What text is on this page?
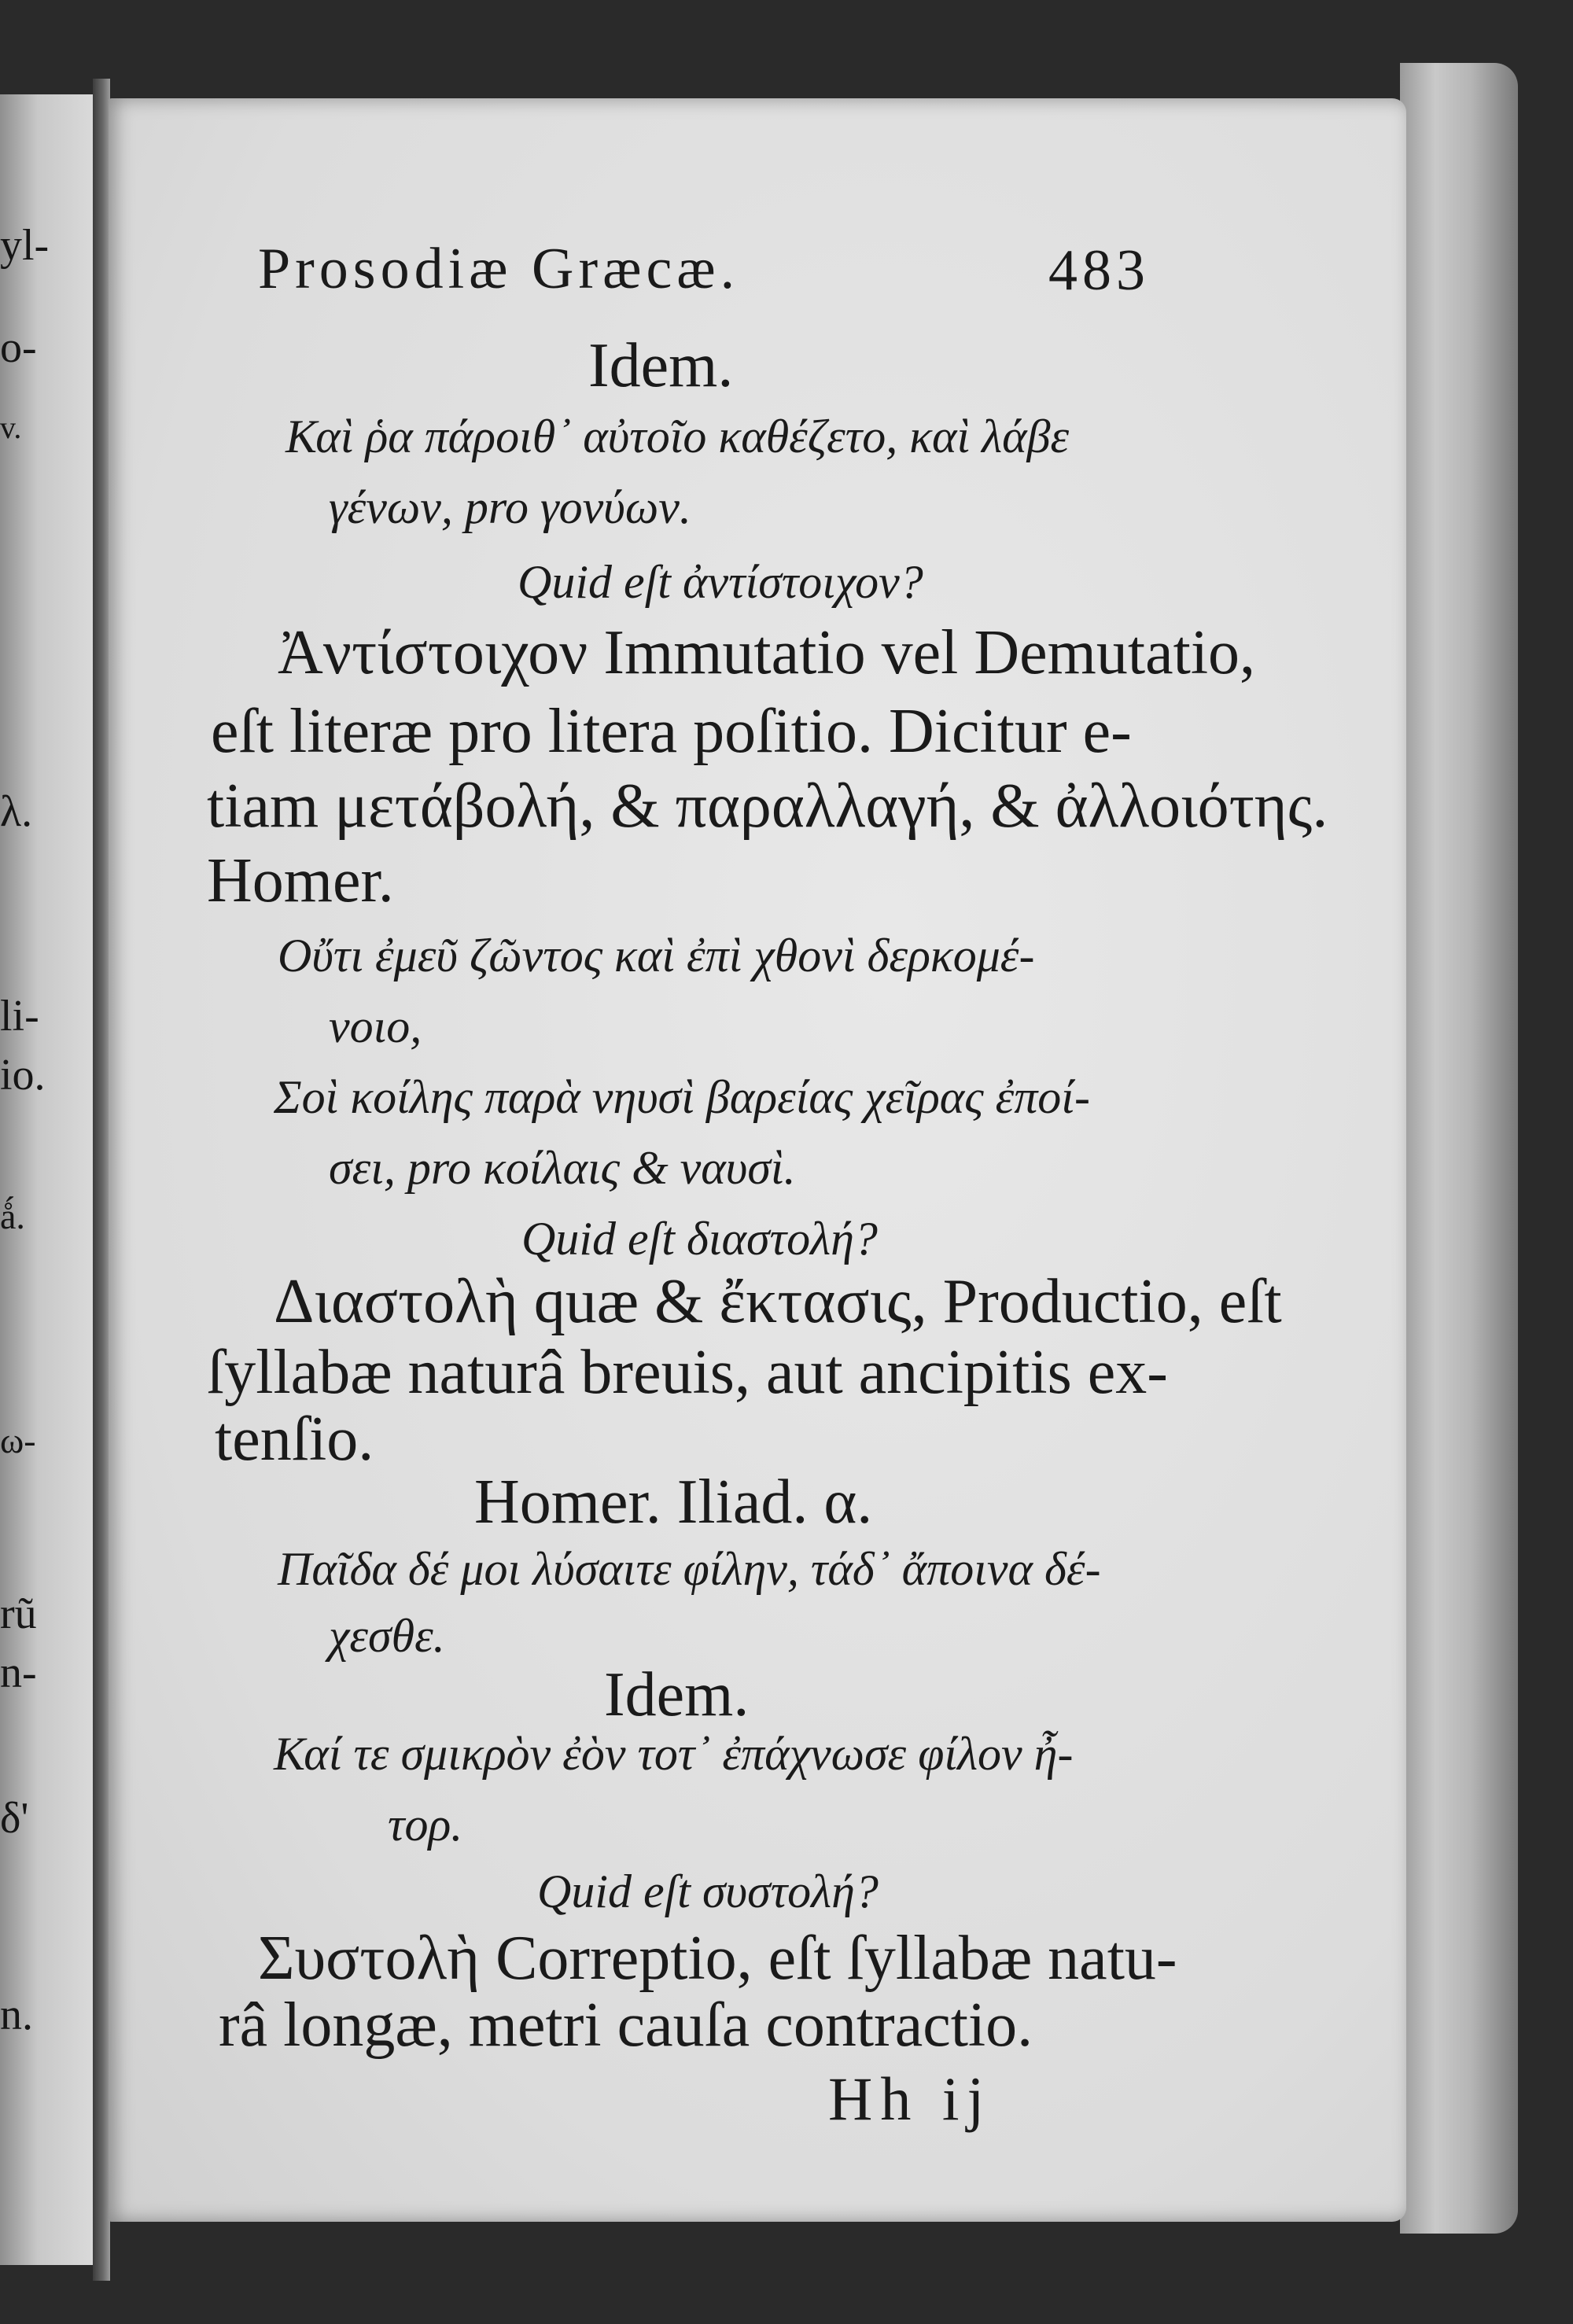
yl-
o-
v.
λ.
li-
io.
ǻ.
ω-
rũ
n-
δ'
n.
Prosodiæ Græcæ.	483
Idem.
Καὶ ῥα πάροιθ᾽ αὐτοῖο καθέζετο, καὶ λάβε
γένων, pro γονύων.
Quid eſt ἀντίστοιχον?
Ἀντίστοιχον Immutatio vel Demutatio,
eſt literæ pro litera poſitio. Dicitur e-
tiam μετάβολή, & παραλλαγή, & ἀλλοιότης.
Homer.
Οὔτι ἐμεῦ ζῶντος καὶ ἐπὶ χθονὶ δερκομέ-
νοιο,
Σοὶ κοίλης παρὰ νηυσὶ βαρείας χεῖρας ἐποί-
σει, pro κοίλαις & ναυσὶ.
Quid eſt διαστολή?
Διαστολὴ quæ & ἔκτασις, Productio, eſt
ſyllabæ naturâ breuis, aut ancipitis ex-
tenſio.
Homer. Iliad. α.
Παῖδα δέ μοι λύσαιτε φίλην, τάδ᾽ ἄποινα δέ-
χεσθε.
Idem.
Καί τε σμικρὸν ἐὸν τοτ᾽ ἐπάχνωσε φίλον ἦ-
τορ.
Quid eſt συστολή?
Συστολὴ Correptio, eſt ſyllabæ natu-
râ longæ, metri cauſa contractio.
Hh ij
